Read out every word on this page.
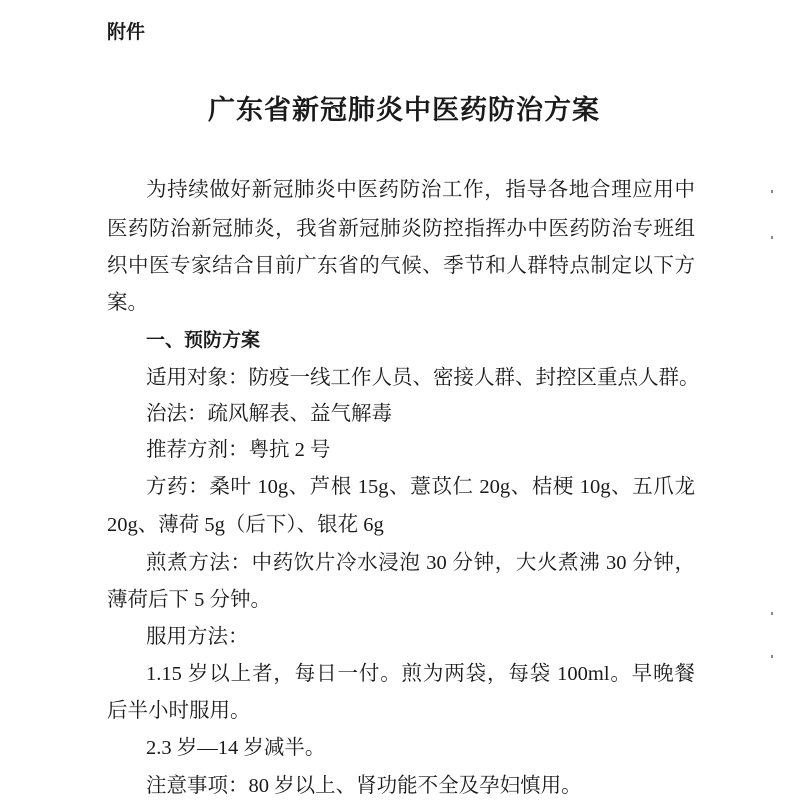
附件
广东省新冠肺炎中医药防治方案
为持续做好新冠肺炎中医药防治工作，指导各地合理应用中
医药防治新冠肺炎，我省新冠肺炎防控指挥办中医药防治专班组
织中医专家结合目前广东省的气候、季节和人群特点制定以下方
案。
一、预防方案
适用对象：防疫一线工作人员、密接人群、封控区重点人群。
治法：疏风解表、益气解毒
推荐方剂：粤抗 2 号
方药：桑叶 10g、芦根 15g、薏苡仁 20g、桔梗 10g、五爪龙
20g、薄荷 5g（后下）、银花 6g
煎煮方法：中药饮片冷水浸泡 30 分钟，大火煮沸 30 分钟，
薄荷后下 5 分钟。
服用方法：
1.15 岁以上者，每日一付。煎为两袋，每袋 100ml。早晚餐
后半小时服用。
2.3 岁—14 岁减半。
注意事项：80 岁以上、肾功能不全及孕妇慎用。
